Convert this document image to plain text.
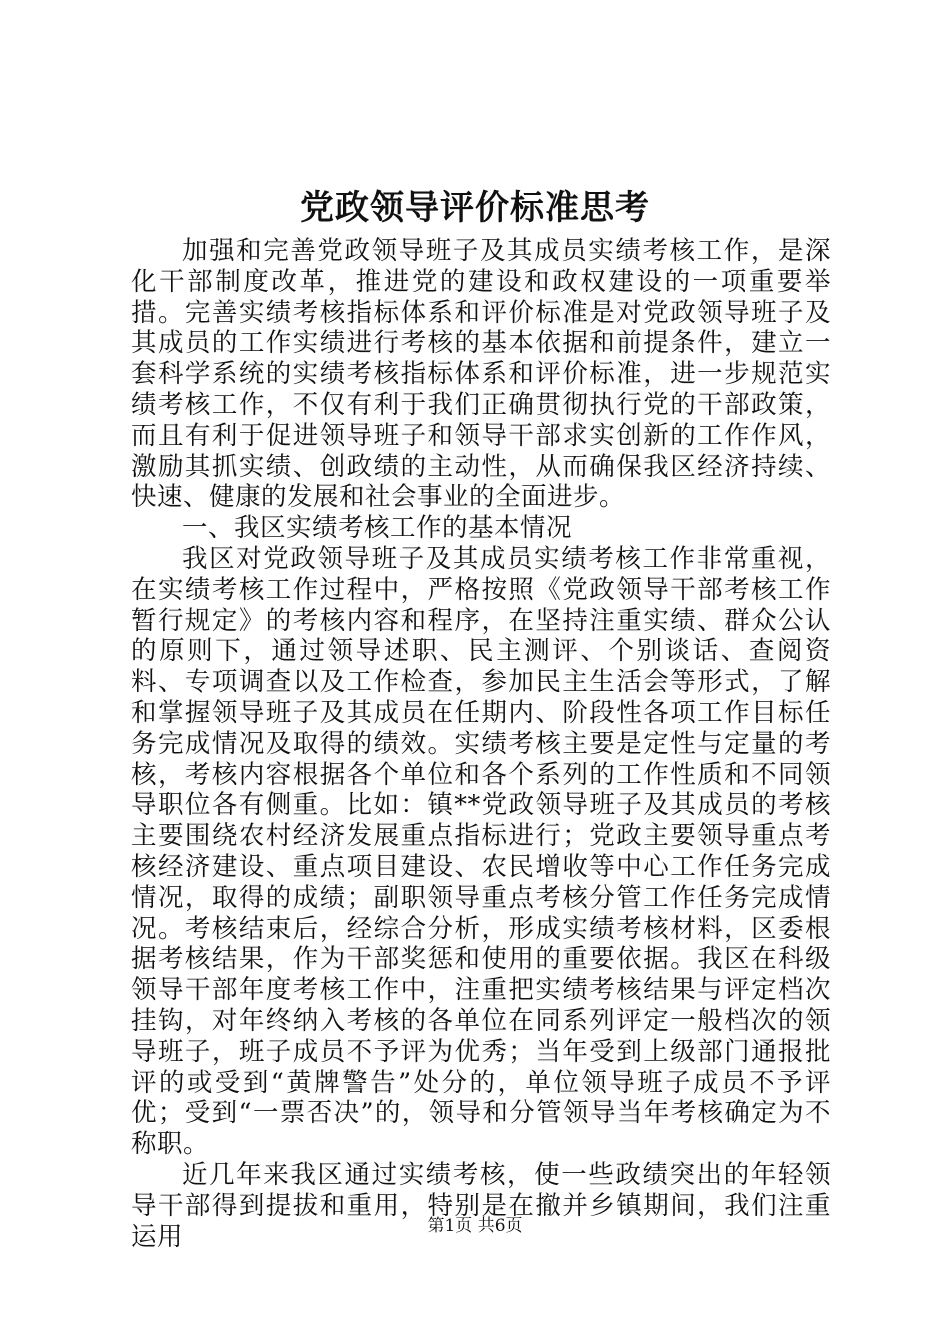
党政领导评价标准思考

加强和完善党政领导班子及其成员实绩考核工作，是深化干部制度改革，推进党的建设和政权建设的一项重要举措。完善实绩考核指标体系和评价标准是对党政领导班子及其成员的工作实绩进行考核的基本依据和前提条件，建立一套科学系统的实绩考核指标体系和评价标准，进一步规范实绩考核工作，不仅有利于我们正确贯彻执行党的干部政策，而且有利于促进领导班子和领导干部求实创新的工作作风，激励其抓实绩、创政绩的主动性，从而确保我区经济持续、快速、健康的发展和社会事业的全面进步。

一、我区实绩考核工作的基本情况

我区对党政领导班子及其成员实绩考核工作非常重视，在实绩考核工作过程中，严格按照《党政领导干部考核工作暂行规定》的考核内容和程序，在坚持注重实绩、群众公认的原则下，通过领导述职、民主测评、个别谈话、查阅资料、专项调查以及工作检查，参加民主生活会等形式，了解和掌握领导班子及其成员在任期内、阶段性各项工作目标任务完成情况及取得的绩效。实绩考核主要是定性与定量的考核，考核内容根据各个单位和各个系列的工作性质和不同领导职位各有侧重。比如：镇**党政领导班子及其成员的考核主要围绕农村经济发展重点指标进行；党政主要领导重点考核经济建设、重点项目建设、农民增收等中心工作任务完成情况，取得的成绩；副职领导重点考核分管工作任务完成情况。考核结束后，经综合分析，形成实绩考核材料，区委根据考核结果，作为干部奖惩和使用的重要依据。我区在科级领导干部年度考核工作中，注重把实绩考核结果与评定档次挂钩，对年终纳入考核的各单位在同系列评定一般档次的领导班子，班子成员不予评为优秀；当年受到上级部门通报批评的或受到“黄牌警告”处分的，单位领导班子成员不予评优；受到“一票否决”的，领导和分管领导当年考核确定为不称职。

近几年来我区通过实绩考核，使一些政绩突出的年轻领导干部得到提拔和重用，特别是在撤并乡镇期间，我们注重运用	第1页 共6页
